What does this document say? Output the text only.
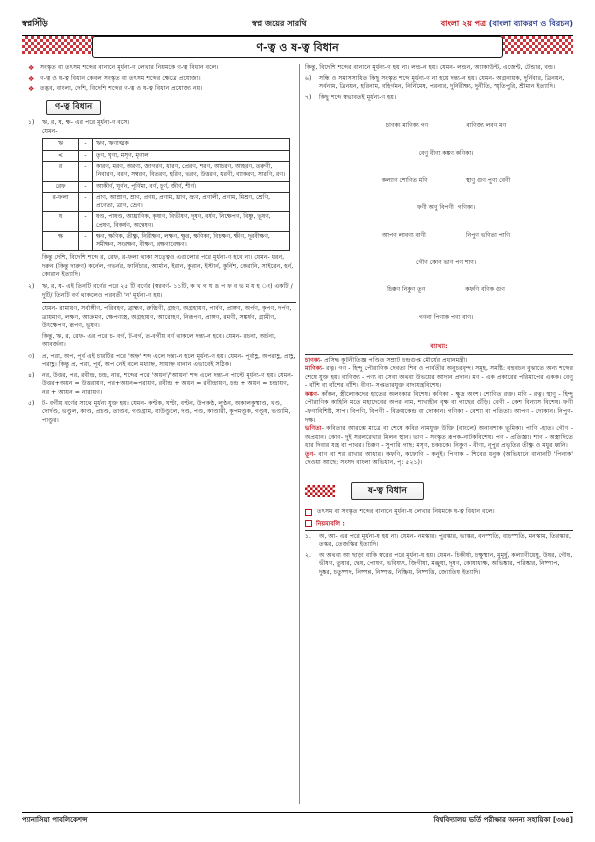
স্বপ্নসিঁড়ি	স্বপ্ন জয়ের সারথি	বাংলা ২য় পত্র (বাংলা ব্যাকরণ ও বিরচন)
ণ-ত্ব ও ষ-ত্ব বিধান
❖ সংস্কৃত বা তৎসম শব্দের বানানে মূর্ধন্য-ণ লেখার নিয়মকে ণ-ত্ব বিধান বলে।
❖ ণ-ত্ব ও ষ-ত্ব বিধান কেবল সংস্কৃত বা তৎসম শব্দের ক্ষেত্রে প্রযোজ্য।
❖ তদ্ভব, বাংলা, দেশি, বিদেশি শব্দের ণ-ত্ব ও ষ-ত্ব বিধান প্রযোজ্য নয়।
ণ-ত্ব বিধান
১) ঋ, র, ষ, ক্ষ- এর পরে মূর্ধন্য-ণ বসে।
যেমন-
ঋ	-	ঋণ, ঋণাত্মক
<	-	তৃণ, ঘৃণা, মসৃণ, মৃণাল
র	-	কারণ, মরণ, অরণ্য, জাগরণ, ধারণ, প্রেরণ, শরণ, আচরণ, আহরণ, তরুণী, নিবারণ, বরণ, সম্বরণ, বিতরণ, হরিণ, ভরণ, উত্তরণ, ধরণী, ব্যাকরণ, সারণি, রণ।
রেফ	-	আকীর্ণ, ঘূর্ণন, পূর্ণিমা, বর্ণ, চূর্ণ, জীর্ণ, শীর্ণ।
র-ফলা	-	প্রাণ, আম্রাণ, ম্রাণ, প্রণয়, প্রণাম, ঘ্রাণ, ভ্রূণ, প্রণালী, প্রণাম, মিশ্রণ, শ্রেণি, প্রণেতা, ত্রাণ, ভ্রেণ।
ষ	-	ষণ্ড, পাষণ্ড, আঘ্রাণিক, কৃষাণ, বিভীষণ, দূষণ, বর্ষণ, নিক্ষেপণ, বিষ্ণু, ভূষণ, প্রেষণ, বিকর্ষণ, অন্বেষণ।
ক্ষ	-	ক্ষণ, ক্ষণিক, তীক্ষ্ণ, নিরীক্ষণ, লক্ষণ, ক্ষুণ্ণ, ক্ষণিকা, বিচক্ষণ, ক্ষীণ, দূরবীক্ষণ, সমীক্ষণ, সংরক্ষণ, বীক্ষণ, রক্ষণাবেক্ষণ।
কিন্তু দেশি, বিদেশি শব্দে র, রেফ, র-ফলা থাকা সত্ত্বেও এগুলোর পরে মূর্ধন্য-ণ হবে না। যেমন- ধরন, দরুন (কিন্তু দারুণ) কর্নেল, গভর্নর, ফার্নিচার, আর্মান, ইরান, কুরান, ইস্টার্ন, কুর্নিশ, কেরানি, সাইরেন, হর্ন, কোরান ইত্যাদি।
২) ঋ, র, ষ- এই তিনটি বর্ণের পরে ২৫ টি বর্ণের (স্বরবর্ণ- ১১টি, ক খ গ ঘ ঙ প ফ ব ভ ম য হ ং) একটি /দুটি/ তিনটি বর্ণ থাকলেও পরবর্তী 'ন' মূর্ধন্য-ণ হয়।
যেমন- রামায়ণ, সর্বাঙ্গীণ, পরিবহণ, ব্রাহ্মণ, রুক্মিণী, গ্রহণ, অগ্রহায়ণ, পার্বণ, প্রাঙ্গণ, অর্পণ, কৃপণ, দর্পণ, ত্রায়মাণ, লক্ষণ, আক্রমণ, ক্ষেপণাস্ত্র, অগ্রহায়ণ, আরোহণ, নিরূপণ, প্রাঙ্গণ, রমণী, সঙ্কর্ষণ, গ্রামীণ, উৎক্ষেপণ, রূপণ, ভূষণ।
কিন্তু, ঋ, র, রেফ- এর পরে চ- বর্গ, ট-বর্গ, ত-বর্গীয় বর্ণ থাকলে দন্ত্য-ন হবে। যেমন- রচনা, অর্চনা, আবর্জনা।
৩) প্র, পরা, অপ, পূর্ব এই চারটির পরে 'অহ্ন' শব্দ এলে দন্ত্য-ন হলে মূর্ধন্য-ণ হয়। যেমন- পূর্বাহ্ণ, অপরাহ্ণ, প্রাহ্ণ, পরাহ্ণ। কিন্তু প্র, পরা, পূর্ব, অপ নেই বলে মধ্যাহ্ন, সায়াহ্ন বানান এভাবেই সঠিক।
৪) নর, উত্তর, পর, রবীন্দ্র, চন্দ্র, নার, শব্দের পরে 'অয়ন'/'আয়ন' শব্দ এলে দন্ত্য-ন পাল্টে মূর্ধন্য-ণ হয়। যেমন- উত্তর+অয়ন = উত্তরায়ণ, পর+অয়ন=পরায়ণ, রবীন্দ্র + অয়ন = রবীন্দ্রায়ণ, চন্দ্র + অয়ন = চন্দ্রায়ণ, নর + আয়ন = নারায়ণ।
৫) ট- বর্গীয় বর্ণের সাথে মূর্ধন্য যুক্ত হয়। যেমন- কণ্টক, ঘণ্টা, বণ্টন, উপকণ্ঠ, লুণ্ঠন, অকালকুষ্মাণ্ড, খণ্ড, দোর্দণ্ড, ভণ্ডুল, কাণ্ড, প্রচণ্ড, তাণ্ডব, গণ্ডগ্রাম, বাউণ্ডুলে, দণ্ড, পণ্ড, কাণ্ডারী, কূপমণ্ডূক, গণ্ডূষ, ভণ্ডামি, পাণ্ডুর।
কিন্তু, বিদেশি শব্দের বানানে মূর্ধন্য-ণ হয় না। লন্ড-ন হয়। যেমন- লন্ডন, অ্যাকাউন্ট, এজেন্ট, টেন্ডার, বন্ড।
৬) সন্ধি ও সমাসসাধিত কিছু সংস্কৃত শব্দে মূর্ধন্য-ণ না হয়ে দন্ত্য-ন হয়। যেমন- অগ্রনায়ক, দুর্নিবার, ত্রিনয়ন, সর্বনাম, ত্রিনয়ন, হরিনাম, বহির্গমন, নির্নিমেষ, পরনার, দুর্নিরীক্ষ্য, দুর্নীতি, স্মৃতিপুরি, শ্রীমান ইত্যাদি।
৭) কিছু শব্দে স্বভাবতই মূর্ধন্য-ণ হয়।

চাণক্য মাণিক্য গণ                    বাণিজ্য লবণ মণ

বেণু বীণা কঙ্কণ কণিকা।

কল্যাণ শোণিত মণি                    স্থাণু গুণ পুণ্য বেণী

ফণী অণু বিপণী  গণিকা।

আপণ লাবণ্য বাণী                     নিপুণ ভণিতা পাণি

গৌণ কোণ ভাণ পণ শাণ।

চিক্কণ নিকুণ তূণ                     কফণি বণিক গুণ

গণনা পিণাক পণ্য বাণ।

ব্যাখ্যা:
চাণক্য- প্রসিদ্ধ কূটনীতিজ্ঞ পণ্ডিত সম্রাট চন্দ্রগুপ্ত মৌর্যের প্রধানমন্ত্রী।
মাণিক্য- রত্ন। গণ - হিন্দু পৌরাণিক দেবতা শিব ও পার্বতীর অনুচরবৃন্দ। সমূহ, সমষ্টি: বহুবচন বুঝাতে অন্য শব্দের শেষে যুক্ত হয়। বাণিজ্য - পণ্য বা সেবা অথবা উভয়ের আদান প্রদান। মণ - এক প্রকারের পরিমাপের একক। বেণু - বাঁশি বা বাঁশের বাঁশি। বীণা- সপ্ততারযুক্ত বাদ্যযন্ত্রবিশেষ।
কঙ্কণ- কাঁকন, স্ত্রীলোকদের হাতের অলংকার বিশেষ। কণিকা - ক্ষুদ্র অংশ। শোণিত রক্ত। মণি - রত্ন। স্থাণু - হিন্দু পৌরাণিক কাহিনি মতে মহাদেবের অপর নাম, শাখাহীন বৃক্ষ বা গাছের গুঁড়ি। বেণী - কেশ বিন্যাস বিশেষ। ফণী -ফণাবিশিষ্ট, সাপ। বিপণি, বিপণী - বিক্রয়কেন্দ্র বা দোকান। গণিকা - বেশ্যা বা পতিতা। আপণ - দোকান। নিপুণ- দক্ষ।
ভণিতা- কবিতার আরম্ভে মাত্রে বা শেষে কবির নামযুক্ত উক্তি (বাংলে) অনাবশ্যক ভূমিকা। পাণি -হাত। গৌণ - অপ্রধান। কোণ- দুই সরলরেখার মিলন স্থান। ভাণ - সংস্কৃত রূপক-নাটকবিশেষ। পণ - প্রতিজ্ঞা। শাণ - অস্ত্রাদিতে ধার দিবার যন্ত্র বা পাথর। চিক্কণ - সুপারি গাছ: মসৃণ, চকচকে। নিকুণ - বীণা, নূপুর প্রভৃতির তীক্ষ্ণ ও মধুর ধ্বনি।
তূণ- বাণ বা শর রাখার আধার। কফণি, কফোণি - কনুই। পিণাক - শিবের ধনুক (অভিধানে বানানটি 'পিনাক' দেওয়া আছে: সংসদ বাংলা অভিধান, পৃ: ৫২১)।
ষ-ত্ব বিধান
তৎসম বা সংস্কৃত শব্দের বানানে মূর্ধন্য-ষ লেখার নিয়মকে ষ-ত্ব বিধান বলে।
নিয়মাবলি :
১. অ, আ- এর পরে মূর্ধন্য-ষ হয় না। যেমন- নমস্কার। পুরস্কার, ভাস্কর, বনস্পতি, বাচস্পতি, মনস্কাম, তিরস্কার, তস্কর, তেজস্কির ইত্যাদি।
২. অ অথবা আ ছাড়া বাকি স্বরের পরে মূর্ধন্য-ষ হয়। যেমন- চিকীর্ষা, চক্ষুষ্মান, মুমূর্ষু, কল্যাণীয়েষু, উষর, গৌষ, ভীষণ, তুষার, দ্বেষ, পোষণ, ভবিষ্যৎ, জিগীষা, মঞ্জুষা, দূষণ, কোষাধ্যক্ষ, অভিষ্কার, পরিষ্কার, নিষ্পাপ, দুষ্কর, চতুষ্পদ, নিষ্পন্ন, নিষ্পত্ত, নিষ্ক্রিয়, নিষ্পত্তি, জ্যোতিষ ইত্যাদি।
প্যানাসিয়া পাবলিকেশন্স	বিশ্ববিদ্যালয় ভর্তি পরীক্ষার অনন্য সহায়িকা [৩৬৪]
